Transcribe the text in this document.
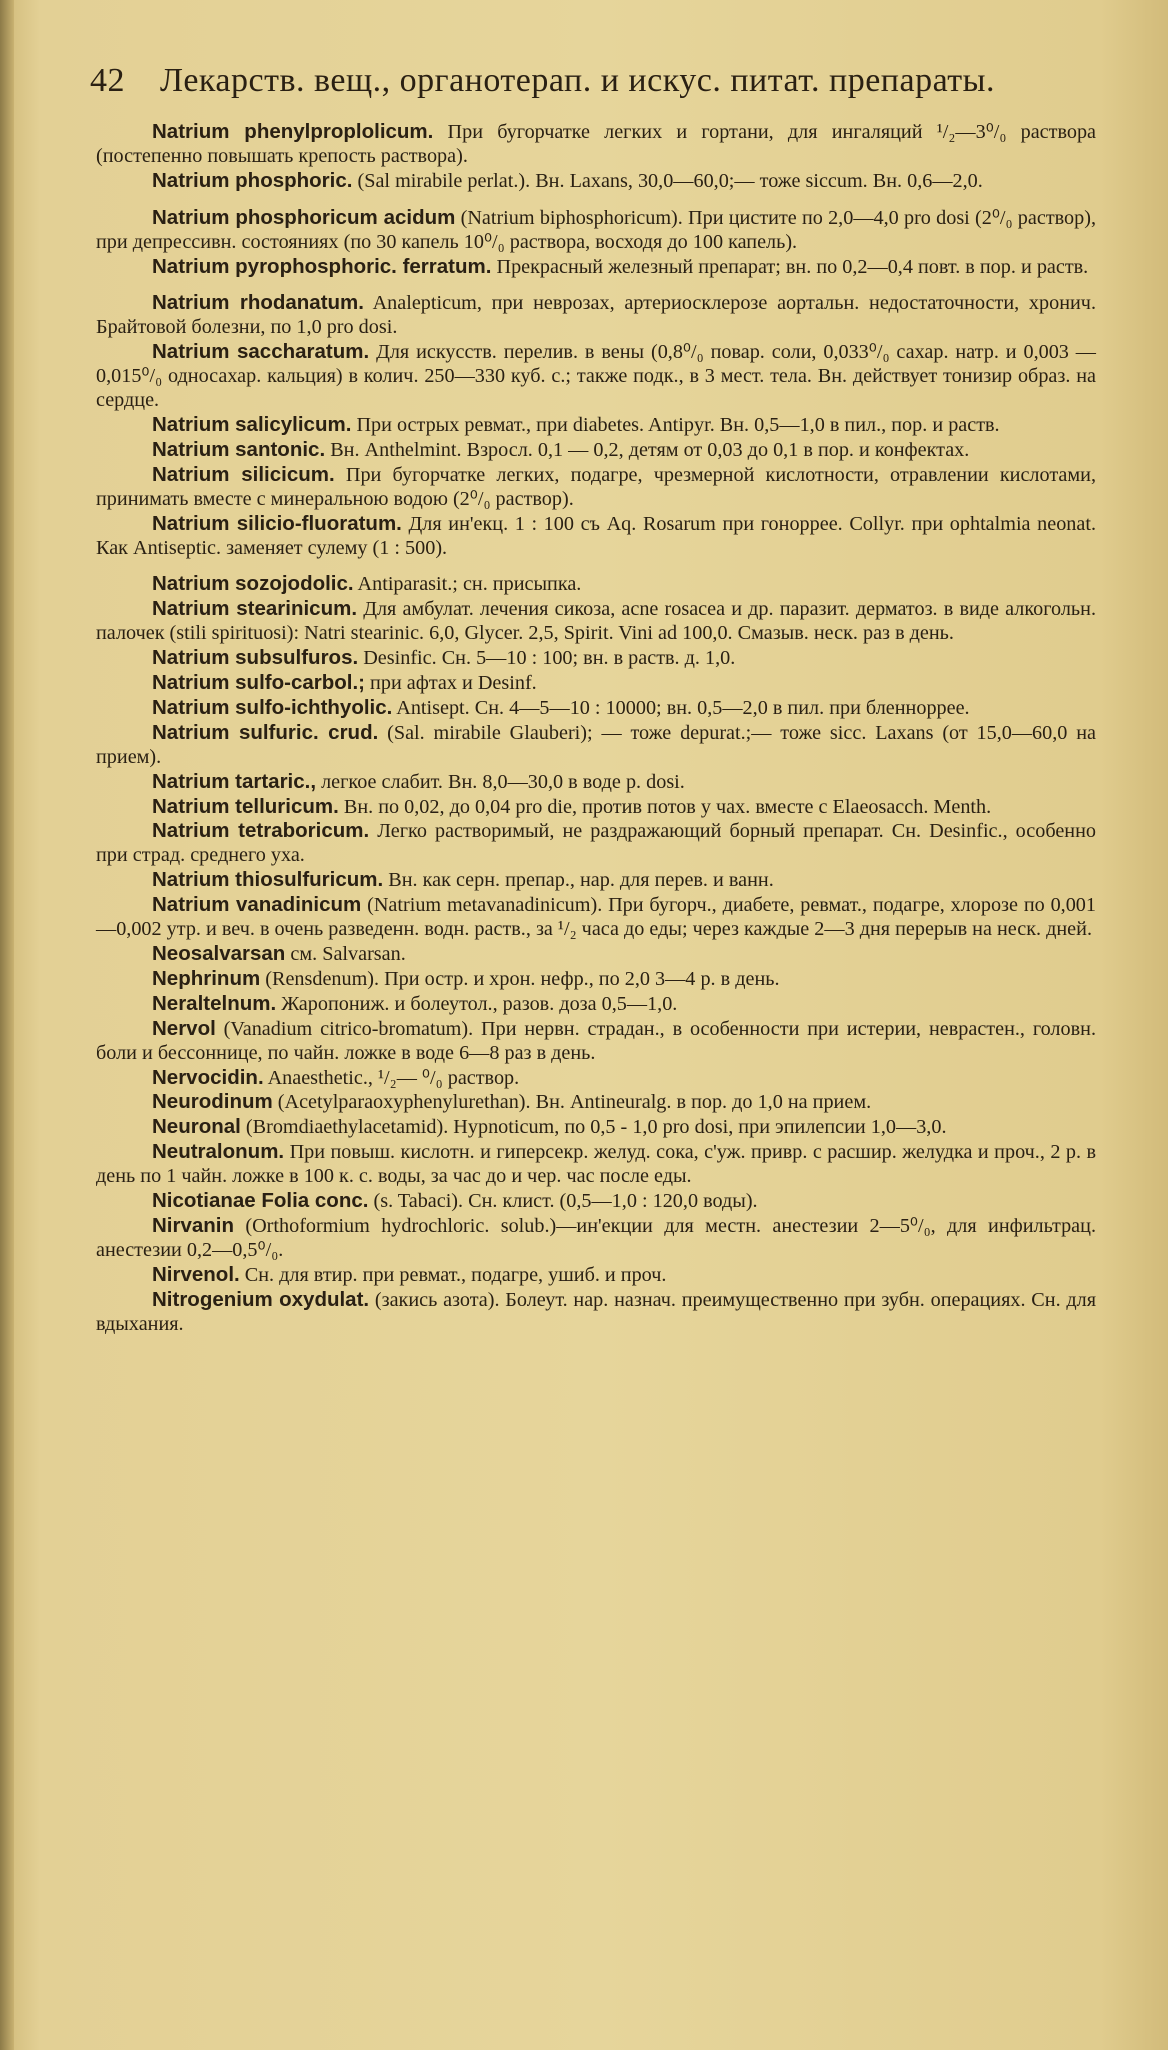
42 Лекарств. вещ., органотерап. и искус. питат. препараты.

Natrium phenylproplolicum. При бугорчатке легких и гортани, для ингаляций ¹/₂—3⁰/₀ раствора (постепенно повышать крепость раствора).

Natrium phosphoric. (Sal mirabile perlat.). Вн. Laxans, 30,0—60,0;— тоже siccum. Вн. 0,6—2,0.

Natrium phosphoricum acidum (Natrium biphosphoricum). При цистите по 2,0—4,0 pro dosi (2⁰/₀ раствор), при депрессивн. состояниях (по 30 капель 10⁰/₀ раствора, восходя до 100 капель).

Natrium pyrophosphoric. ferratum. Прекрасный железный препарат; вн. по 0,2—0,4 повт. в пор. и раств.

Natrium rhodanatum. Analepticum, при неврозах, артериосклерозе аортальн. недостаточности, хронич. Брайтовой болезни, по 1,0 pro dosi.

Natrium saccharatum. Для искусств. перелив. в вены (0,8⁰/₀ повар. соли, 0,033⁰/₀ сахар. натр. и 0,003 — 0,015⁰/₀ односахар. кальция) в колич. 250—330 куб. с.; также подк., в 3 мест. тела. Вн. действует тонизир образ. на сердце.

Natrium salicylicum. При острых ревмат., при diabetes. Antipyr. Вн. 0,5—1,0 в пил., пор. и раств.

Natrium santonic. Вн. Anthelmint. Взросл. 0,1 — 0,2, детям от 0,03 до 0,1 в пор. и конфектах.

Natrium silicicum. При бугорчатке легких, подагре, чрезмерной кислотности, отравлении кислотами, принимать вместе с минеральною водою (2⁰/₀ раствор).

Natrium silicio-fluoratum. Для ин'екц. 1 : 100 съ Aq. Rosarum при гоноррее. Collyr. при ophtalmia neonat. Как Antiseptic. заменяет сулему (1 : 500).

Natrium sozojodolic. Antiparasit.; сн. присыпка.

Natrium stearinicum. Для амбулат. лечения сикоза, acne rosacea и др. паразит. дерматоз. в виде алкогольн. палочек (stili spirituosi): Natri stearinic. 6,0, Glycer. 2,5, Spirit. Vini ad 100,0. Смазыв. неск. раз в день.

Natrium subsulfuros. Desinfic. Сн. 5—10 : 100; вн. в раств. д. 1,0.

Natrium sulfo-carbol.; при афтах и Desinf.

Natrium sulfo-ichthyolic. Antisept. Сн. 4—5—10 : 10000; вн. 0,5—2,0 в пил. при бленноррее.

Natrium sulfuric. crud. (Sal. mirabile Glauberi); — тоже depurat.;— тоже sicc. Laxans (от 15,0—60,0 на прием).

Natrium tartaric., легкое слабит. Вн. 8,0—30,0 в воде р. dosi.

Natrium telluricum. Вн. по 0,02, до 0,04 pro die, против потов у чах. вместе с Elaeosacch. Menth.

Natrium tetraboricum. Легко растворимый, не раздражающий борный препарат. Сн. Desinfic., особенно при страд. среднего уха.

Natrium thiosulfuricum. Вн. как серн. препар., нар. для перев. и ванн.

Natrium vanadinicum (Natrium metavanadinicum). При бугорч., диабете, ревмат., подагре, хлорозе по 0,001—0,002 утр. и веч. в очень разведенн. водн. раств., за ¹/₂ часа до еды; через каждые 2—3 дня перерыв на неск. дней.

Neosalvarsan см. Salvarsan.

Nephrinum (Rensdenum). При остр. и хрон. нефр., по 2,0 3—4 р. в день.

Neraltelnum. Жаропониж. и болеутол., разов. доза 0,5—1,0.

Nervol (Vanadium citrico-bromatum). При нервн. страдан., в особенности при истерии, неврастен., головн. боли и бессоннице, по чайн. ложке в воде 6—8 раз в день.

Nervocidin. Anaesthetic., ¹/₂— ⁰/₀ раствор.

Neurodinum (Acetylparaoxyphenylurethan). Вн. Antineuralg. в пор. до 1,0 на прием.

Neuronal (Bromdiaethylacetamid). Hypnoticum, по 0,5 - 1,0 pro dosi, при эпилепсии 1,0—3,0.

Neutralonum. При повыш. кислотн. и гиперсекр. желуд. сока, с'уж. привр. с расшир. желудка и проч., 2 р. в день по 1 чайн. ложке в 100 к. с. воды, за час до и чер. час после еды.

Nicotianae Folia conc. (s. Tabaci). Сн. клист. (0,5—1,0 : 120,0 воды).

Nirvanin (Orthoformium hydrochloric. solub.)—ин'екции для местн. анестезии 2—5⁰/₀, для инфильтрац. анестезии 0,2—0,5⁰/₀.

Nirvenol. Сн. для втир. при ревмат., подагре, ушиб. и проч.

Nitrogenium oxydulat. (закись азота). Болеут. нар. назнач. преимущественно при зубн. операциях. Сн. для вдыхания.
